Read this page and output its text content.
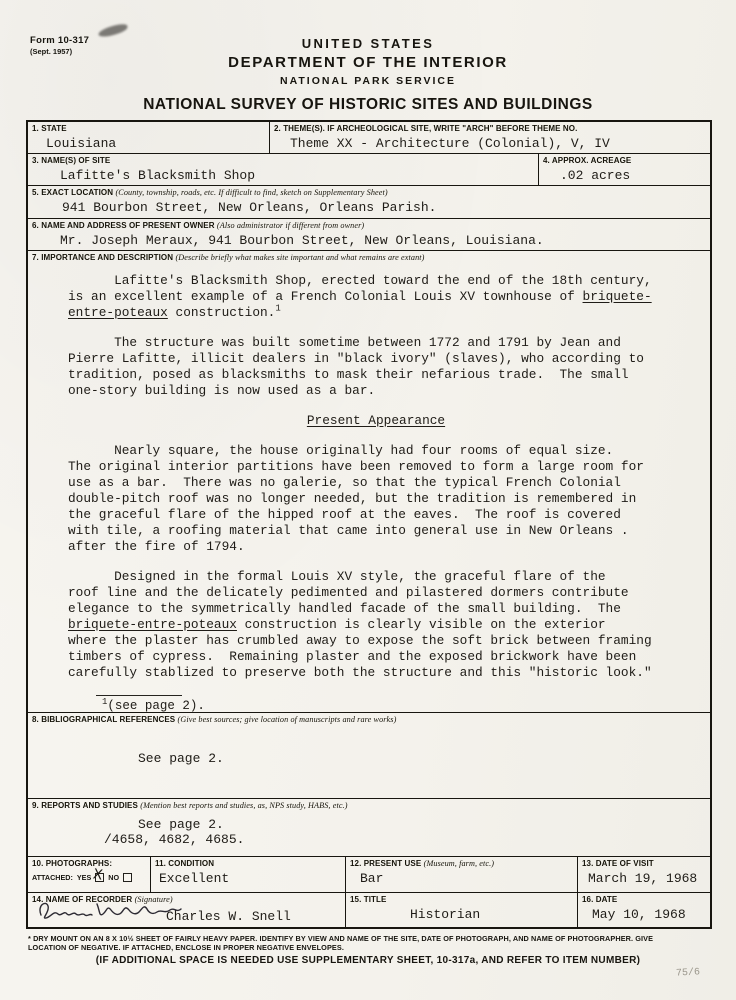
Form 10-317
(Sept. 1957)
UNITED STATES
DEPARTMENT OF THE INTERIOR
NATIONAL PARK SERVICE
NATIONAL SURVEY OF HISTORIC SITES AND BUILDINGS
1. STATE
Louisiana
2. THEME(S). IF ARCHEOLOGICAL SITE, WRITE "ARCH" BEFORE THEME NO.
Theme XX - Architecture (Colonial), V, IV
3. NAME(S) OF SITE
Lafitte's Blacksmith Shop
4. APPROX. ACREAGE
.02 acres
5. EXACT LOCATION (County, township, roads, etc. If difficult to find, sketch on Supplementary Sheet)
941 Bourbon Street, New Orleans, Orleans Parish.
6. NAME AND ADDRESS OF PRESENT OWNER (Also administrator if different from owner)
Mr. Joseph Meraux, 941 Bourbon Street, New Orleans, Louisiana.
7. IMPORTANCE AND DESCRIPTION (Describe briefly what makes site important and what remains are extant)
Lafitte's Blacksmith Shop, erected toward the end of the 18th century,
is an excellent example of a French Colonial Louis XV townhouse of briquete-
entre-poteaux construction.$^1$
The structure was built sometime between 1772 and 1791 by Jean and
Pierre Lafitte, illicit dealers in "black ivory" (slaves), who according to
tradition, posed as blacksmiths to mask their nefarious trade.  The small
one-story building is now used as a bar.
Present Appearance
Nearly square, the house originally had four rooms of equal size.
The original interior partitions have been removed to form a large room for
use as a bar.  There was no galerie, so that the typical French Colonial
double-pitch roof was no longer needed, but the tradition is remembered in
the graceful flare of the hipped roof at the eaves.  The roof is covered
with tile, a roofing material that came into general use in New Orleans .
after the fire of 1794.
Designed in the formal Louis XV style, the graceful flare of the
roof line and the delicately pedimented and pilastered dormers contribute
elegance to the symmetrically handled facade of the small building.  The
briquete-entre-poteaux construction is clearly visible on the exterior
where the plaster has crumbled away to expose the soft brick between framing
timbers of cypress.  Remaining plaster and the exposed brickwork have been
carefully stablized to preserve both the structure and this "historic look."
$^1$(see page 2).
8. BIBLIOGRAPHICAL REFERENCES (Give best sources; give location of manuscripts and rare works)
See page 2.
9. REPORTS AND STUDIES (Mention best reports and studies, as, NPS study, HABS, etc.)
See page 2.
/4658, 4682, 4685.
10. PHOTOGRAPHS:
ATTACHED: YES X NO
11. CONDITION
Excellent
12. PRESENT USE (Museum, farm, etc.)
Bar
13. DATE OF VISIT
March 19, 1968
14. NAME OF RECORDER (Signature)
Charles W. Snell
15. TITLE
Historian
16. DATE
May 10, 1968
* DRY MOUNT ON AN 8 X 10½ SHEET OF FAIRLY HEAVY PAPER. IDENTIFY BY VIEW AND NAME OF THE SITE, DATE OF PHOTOGRAPH, AND NAME OF PHOTOGRAPHER. GIVE
LOCATION OF NEGATIVE. IF ATTACHED, ENCLOSE IN PROPER NEGATIVE ENVELOPES.
(IF ADDITIONAL SPACE IS NEEDED USE SUPPLEMENTARY SHEET, 10-317a, AND REFER TO ITEM NUMBER)
75/6
